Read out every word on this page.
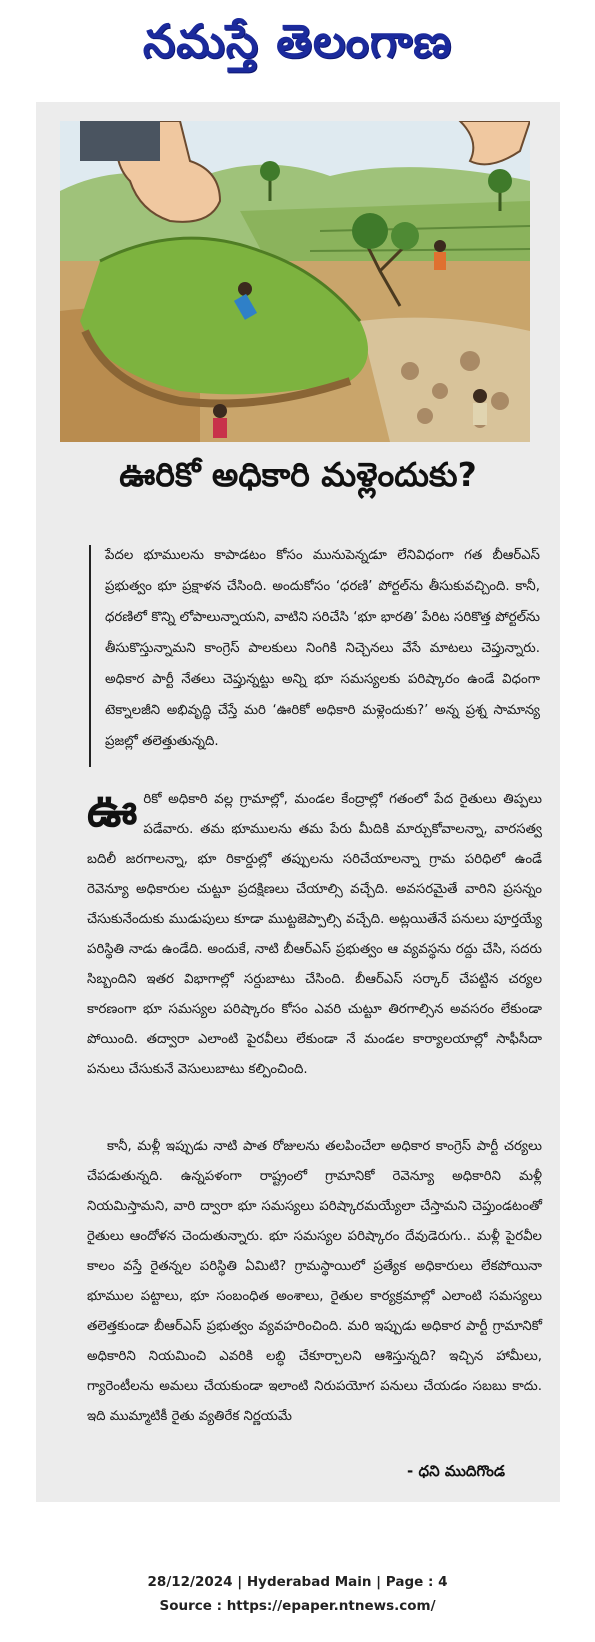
నమస్తే తెలంగాణ
ఊరికో అధికారి మళ్లెందుకు?
పేదల భూములను కాపాడటం కోసం మునుపెన్నడూ లేనివిధంగా గత బీఆర్‌ఎస్ ప్రభుత్వం భూ ప్రక్షాళన చేసింది. అందుకోసం ‘ధరణి’ పోర్టల్‌ను తీసుకువచ్చింది. కానీ, ధరణిలో కొన్ని లోపాలున్నాయని, వాటిని సరిచేసి ‘భూ భారతి’ పేరిట సరికొత్త పోర్టల్‌ను తీసుకొస్తున్నామని కాంగ్రెస్ పాలకులు నింగికి నిచ్చెనలు వేసే మాటలు చెప్తున్నారు. అధికార పార్టీ నేతలు చెప్తున్నట్టు అన్ని భూ సమస్యలకు పరిష్కారం ఉండే విధంగా టెక్నాలజీని అభివృద్ధి చేస్తే మరి ‘ఊరికో అధికారి మళ్లెందుకు?’ అన్న ప్రశ్న సామాన్య ప్రజల్లో తలెత్తుతున్నది.
ఊ రికో అధికారి వల్ల గ్రామాల్లో, మండల కేంద్రాల్లో గతంలో పేద రైతులు తిప్పలు పడేవారు. తమ భూములను తమ పేరు మీదికి మార్చుకోవాలన్నా, వారసత్వ బదిలీ జరగాలన్నా, భూ రికార్డుల్లో తప్పులను సరిచేయాలన్నా గ్రామ పరిధిలో ఉండే రెవెన్యూ అధికారుల చుట్టూ ప్రదక్షిణలు చేయాల్సి వచ్చేది. అవసరమైతే వారిని ప్రసన్నం చేసుకునేందుకు ముడుపులు కూడా ముట్టజెప్పాల్సి వచ్చేది. అట్లయితేనే పనులు పూర్తయ్యే పరిస్థితి నాడు ఉండేది. అందుకే, నాటి బీఆర్‌ఎస్ ప్రభుత్వం ఆ వ్యవస్థను రద్దు చేసి, సదరు సిబ్బందిని ఇతర విభాగాల్లో సర్దుబాటు చేసింది. బీఆర్‌ఎస్ సర్కార్ చేపట్టిన చర్యల కారణంగా భూ సమస్యల పరిష్కారం కోసం ఎవరి చుట్టూ తిరగాల్సిన అవసరం లేకుండా పోయింది. తద్వారా ఎలాంటి పైరవీలు లేకుండా నే మండల కార్యాలయాల్లో సాఫీసీదా పనులు చేసుకునే వెసులుబాటు కల్పించింది.
కానీ, మళ్లీ ఇప్పుడు నాటి పాత రోజులను తలపించేలా అధికార కాంగ్రెస్ పార్టీ చర్యలు చేపడుతున్నది. ఉన్నపళంగా రాష్ట్రంలో గ్రామానికో రెవెన్యూ అధికారిని మళ్లీ నియమిస్తామని, వారి ద్వారా భూ సమస్యలు పరిష్కారమయ్యేలా చేస్తామని చెప్తుండటంతో రైతులు ఆందోళన చెందుతున్నారు. భూ సమస్యల పరిష్కారం దేవుడెరుగు.. మళ్లీ పైరవీల కాలం వస్తే రైతన్నల పరిస్థితి ఏమిటి? గ్రామస్థాయిలో ప్రత్యేక అధికారులు లేకపోయినా భూముల పట్టాలు, భూ సంబంధిత అంశాలు, రైతుల కార్యక్రమాల్లో ఎలాంటి సమస్యలు తలెత్తకుండా బీఆర్‌ఎస్ ప్రభుత్వం వ్యవహరించింది. మరి ఇప్పుడు అధికార పార్టీ గ్రామానికో అధికారిని నియమించి ఎవరికి లబ్ధి చేకూర్చాలని ఆశిస్తున్నది? ఇచ్చిన హామీలు, గ్యారెంటీలను అమలు చేయకుండా ఇలాంటి నిరుపయోగ పనులు చేయడం సబబు కాదు. ఇది ముమ్మాటికీ రైతు వ్యతిరేక నిర్ణయమే
- ధని ముదిగొండ
28/12/2024 | Hyderabad Main | Page : 4
Source : https://epaper.ntnews.com/
